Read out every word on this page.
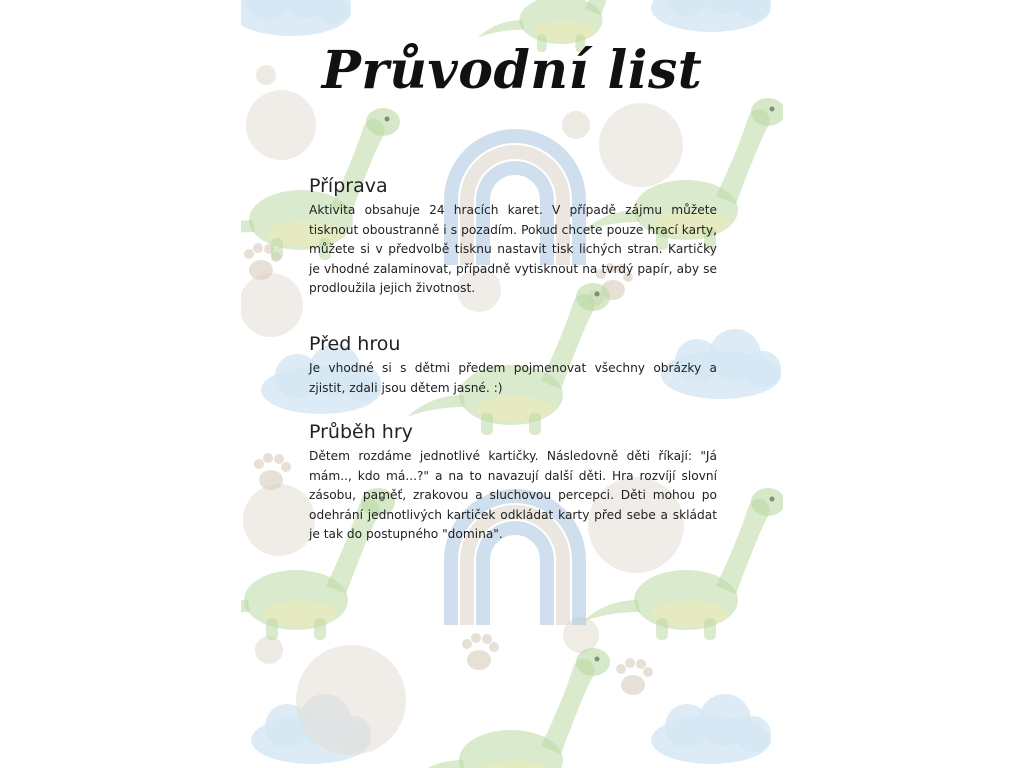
Průvodní list
Příprava

Aktivita obsahuje 24 hracích karet. V případě zájmu můžete tisknout oboustranně i s pozadím. Pokud chcete pouze hrací karty, můžete si v předvolbě tisknu nastavit tisk lichých stran. Kartičky je vhodné zalaminovat, případně vytisknout na tvrdý papír, aby se prodloužila jejich životnost.

Před hrou

Je vhodné si s dětmi předem pojmenovat všechny obrázky a zjistit, zdali jsou dětem jasné. :)

Průběh hry

Dětem rozdáme jednotlivé kartičky. Následovně děti říkají: "Já mám.., kdo má...?" a na to navazují další děti. Hra rozvíjí slovní zásobu, paměť, zrakovou a sluchovou percepci. Děti mohou po odehrání jednotlivých kartiček odkládat karty před sebe a skládat je tak do postupného "domina".
